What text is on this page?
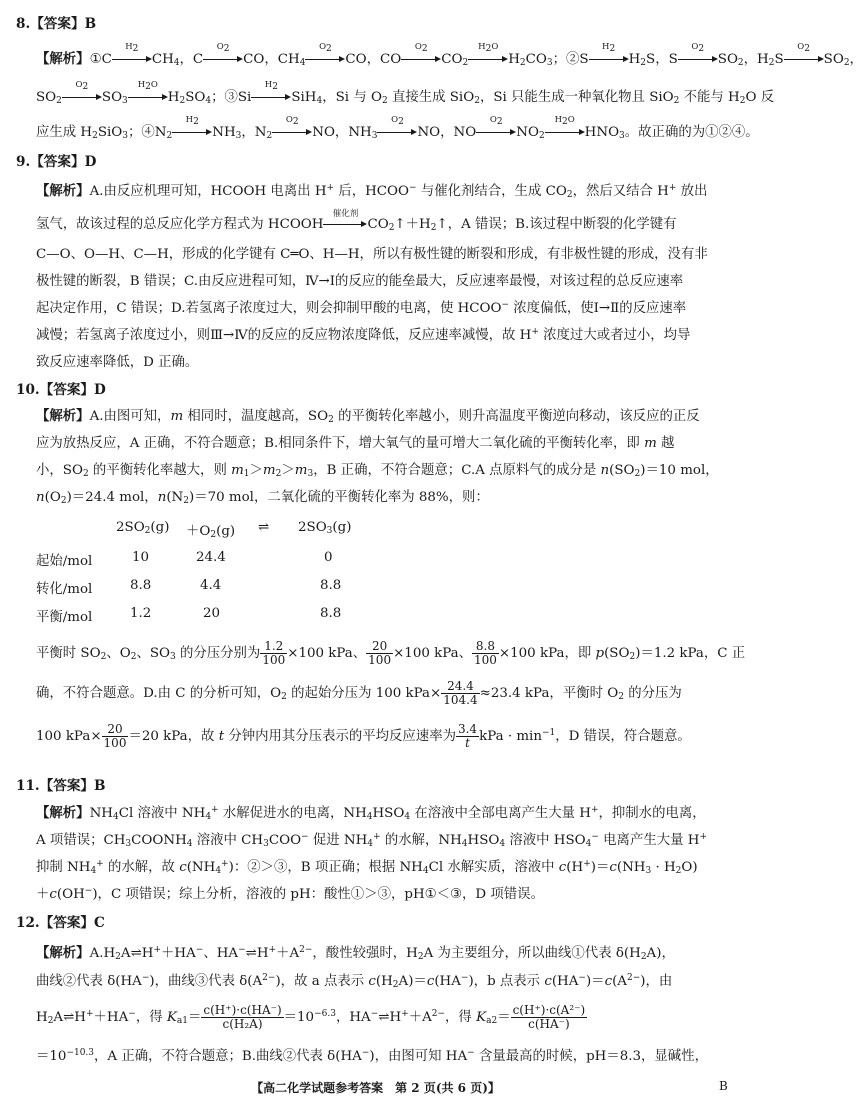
8.【答案】B
【解析】①C
$H_2$
$CH_4$，C
$O_2$
CO，$CH_4$
$O_2$
CO，CO
$O_2$
$CO_2$
$H_2O$
$H_2CO_3$；②S
$H_2$
$H_2S$，S
$O_2$
$SO_2$，$H_2S$
$O_2$
$SO_2$，
$SO_2$
$O_2$
$SO_3$
$H_2O$
$H_2SO_4$；③Si
$H_2$
SiH$_4$，Si 与 $O_2$ 直接生成 SiO$_2$，Si 只能生成一种氧化物且 SiO$_2$ 不能与 $H_2O$ 反
应生成 $H_2SiO_3$；$④N_2$
$H_2$
$NH_3$，$N_2$
$O_2$
NO，$NH_3$
$O_2$
NO，NO
$O_2$
$NO_2$
$H_2O$
$HNO_3$。故正确的为①②④。
9.【答案】D
【解析】A.由反应机理可知，HCOOH 电离出 H+ 后，HCOO− 与催化剂结合，生成 $CO_2$，然后又结合 H+ 放出
氢气，故该过程的总反应化学方程式为 HCOOH
催化剂
$CO_2↑+H_2↑$，A 错误；B.该过程中断裂的化学键有
C—O、O—H、C—H，形成的化学键有 C═O、H—H，所以有极性键的断裂和形成，有非极性键的形成，没有非
极性键的断裂，B 错误；C.由反应进程可知，Ⅳ→Ⅰ的反应的能垒最大，反应速率最慢，对该过程的总反应速率
起决定作用，C 错误；D.若氢离子浓度过大，则会抑制甲酸的电离，使 HCOO− 浓度偏低，使Ⅰ→Ⅱ的反应速率
减慢；若氢离子浓度过小，则Ⅲ→Ⅳ的反应的反应物浓度降低，反应速率减慢，故 H+ 浓度过大或者过小，均导
致反应速率降低，D 正确。
10.【答案】D
【解析】A.由图可知，m 相同时，温度越高，$SO_2$ 的平衡转化率越小，则升高温度平衡逆向移动，该反应的正反
应为放热反应，A 正确，不符合题意；B.相同条件下，增大氧气的量可增大二氧化硫的平衡转化率，即 m 越
小，$SO_2$ 的平衡转化率越大，则 $m_1>m_2>m_3$，B 正确，不符合题意；C.A 点原料气的成分是 $n(SO_2)=10$ mol，
$n(O_2)=24.4$ mol，$n(N_2)=70$ mol，二氧化硫的平衡转化率为 88%，则：
$2SO_2(g) +O_2(g)$ ⇌ $2SO_3(g)$
起始/mol	10	24.4	0
转化/mol	8.8	4.4	8.8
平衡/mol	1.2	20	8.8
平衡时 $SO_2$、$O_2$、$SO_3$ 的分压分别为 $\frac{1.2}{100} \times 100$ kPa、 $\frac{20}{100} \times 100$ kPa、 $\frac{8.8}{100} \times 100$ kPa，即 $p(SO_2)=1.2$ kPa，C 正
确，不符合题意。D.由 C 的分析可知，$O_2$ 的起始分压为 100 $kPa\times \frac{24.4}{104.4} \approx 23.4$ kPa，平衡时 $O_2$ 的分压为
100 $kPa\times \frac{20}{100} =20$ kPa，故 t 分钟内用其分压表示的平均反应速率为 $\frac{3.4}{t}$ kPa · $\min^{-1}$，D 错误，符合题意。
11.【答案】B
【解析】$NH_4Cl$ 溶液中 $NH_4^+$ 水解促进水的电离，$NH_4HSO_4$ 在溶液中全部电离产生大量 H+，抑制水的电离，
A 项错误；$CH_3COONH_4$ 溶液中 $CH_3COO^-$ 促进 $NH_4^+$ 的水解，$NH_4HSO_4$ 溶液中 $HSO_4^-$ 电离产生大量 H+
抑制 $NH_4^+$ 的水解，故 $c(NH_4^+)$：②＞③，B 项正确；根据 $NH_4Cl$ 水解实质，溶液中 $c(H^+)=c(NH_3 \cdot H_2O)$
＋c(OH−)，C 项错误；综上分析，溶液的 pH：酸性①＞③，pH①＜③，D 项错误。
12.【答案】C
【解析】$A.H_2A\rightleftharpoons H^++HA^-$、$HA^-\rightleftharpoons H^++A^{2-}$，酸性较强时，$H_2A$ 为主要组分，所以曲线①代表 $\delta(H_2A)$，
曲线②代表 δ(HA−)，曲线③代表 $\delta(A^{2-})$，故 a 点表示 $c(H_2A)=c(HA^-)$，b 点表示 $c(HA^-)=c(A^{2-})$，由
$H_2A\rightleftharpoons H^++HA^-$，得 $K_{a1}= \frac{c(H^+)\cdot c(HA^-)}{\text{c(H₂A)}} =10^{-6.3}$，$HA^-\rightleftharpoons H^++A^{2-}$，得 $K_{a2}= \frac{\text{c(H⁺)·c(A²⁻)}}{c(HA^-)}$
$=10^{-10.3}$，A 正确，不符合题意；B.曲线②代表 δ(HA−)，由图可知 HA− 含量最高的时候，pH＝8.3，显碱性，
【高二化学试题参考答案　第 2 页(共 6 页)】	B
